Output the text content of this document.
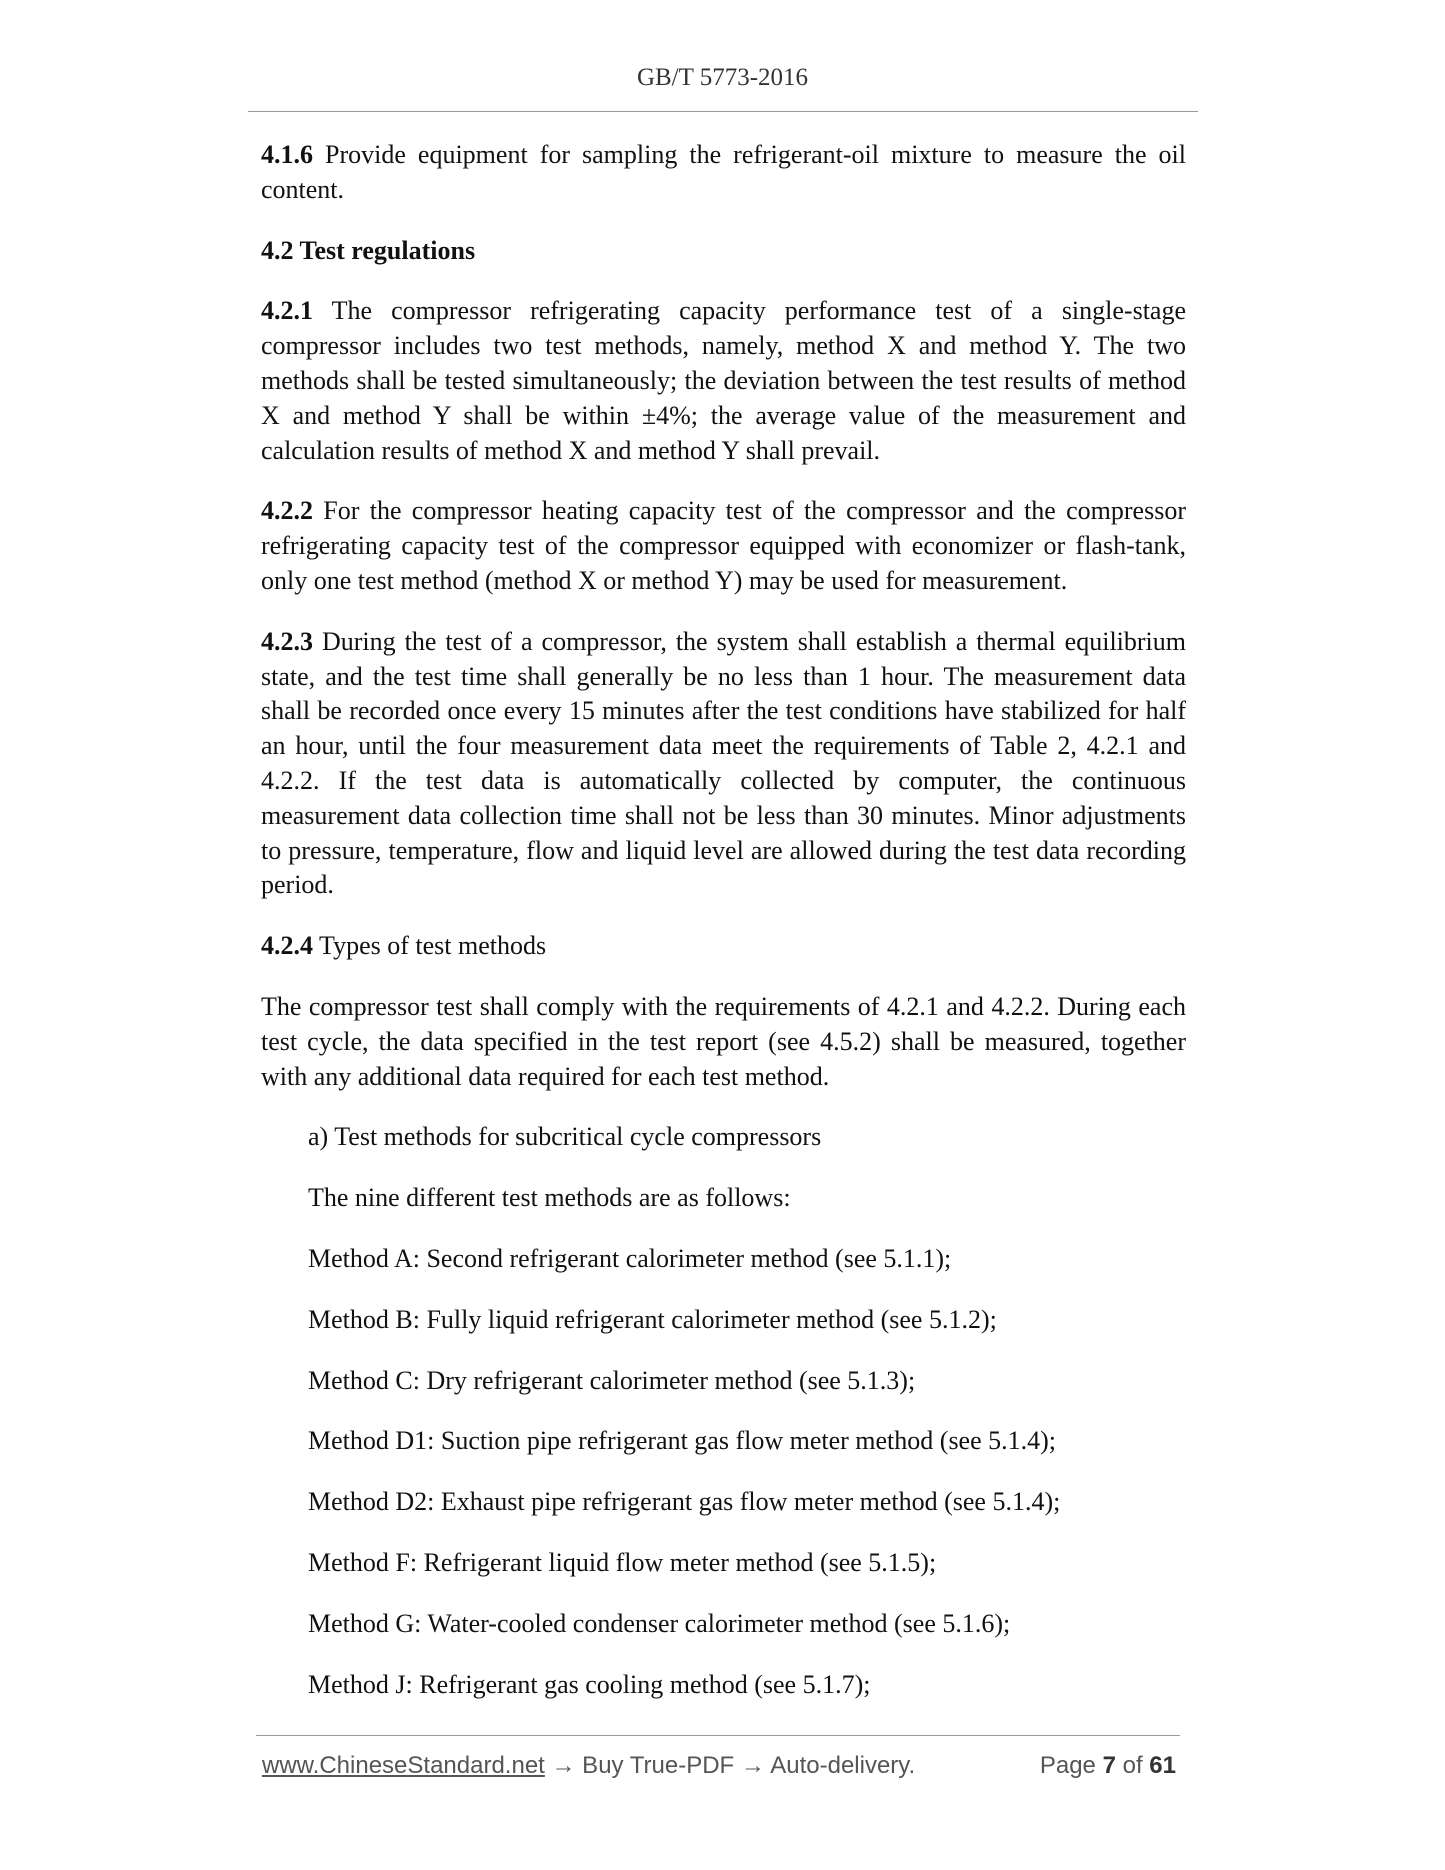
GB/T 5773-2016

4.1.6 Provide equipment for sampling the refrigerant-oil mixture to measure the oil content.

4.2 Test regulations

4.2.1 The compressor refrigerating capacity performance test of a single-stage compressor includes two test methods, namely, method X and method Y. The two methods shall be tested simultaneously; the deviation between the test results of method X and method Y shall be within ±4%; the average value of the measurement and calculation results of method X and method Y shall prevail.

4.2.2 For the compressor heating capacity test of the compressor and the compressor refrigerating capacity test of the compressor equipped with economizer or flash-tank, only one test method (method X or method Y) may be used for measurement.

4.2.3 During the test of a compressor, the system shall establish a thermal equilibrium state, and the test time shall generally be no less than 1 hour. The measurement data shall be recorded once every 15 minutes after the test conditions have stabilized for half an hour, until the four measurement data meet the requirements of Table 2, 4.2.1 and 4.2.2. If the test data is automatically collected by computer, the continuous measurement data collection time shall not be less than 30 minutes. Minor adjustments to pressure, temperature, flow and liquid level are allowed during the test data recording period.

4.2.4 Types of test methods

The compressor test shall comply with the requirements of 4.2.1 and 4.2.2. During each test cycle, the data specified in the test report (see 4.5.2) shall be measured, together with any additional data required for each test method.

a) Test methods for subcritical cycle compressors

The nine different test methods are as follows:

Method A: Second refrigerant calorimeter method (see 5.1.1);

Method B: Fully liquid refrigerant calorimeter method (see 5.1.2);

Method C: Dry refrigerant calorimeter method (see 5.1.3);

Method D1: Suction pipe refrigerant gas flow meter method (see 5.1.4);

Method D2: Exhaust pipe refrigerant gas flow meter method (see 5.1.4);

Method F: Refrigerant liquid flow meter method (see 5.1.5);

Method G: Water-cooled condenser calorimeter method (see 5.1.6);

Method J: Refrigerant gas cooling method (see 5.1.7);

www.ChineseStandard.net → Buy True-PDF → Auto-delivery.	Page 7 of 61
